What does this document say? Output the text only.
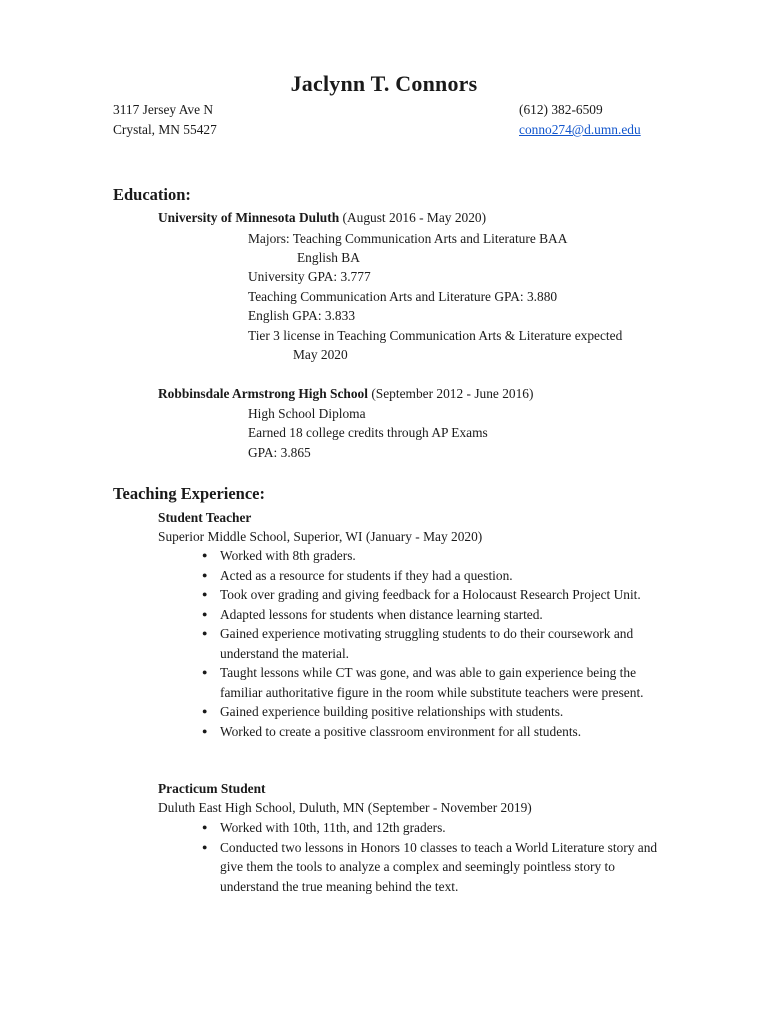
Jaclynn T. Connors
3117 Jersey Ave N
Crystal, MN 55427
(612) 382-6509
conno274@d.umn.edu
Education:
University of Minnesota Duluth (August 2016 - May 2020)
Majors: Teaching Communication Arts and Literature BAA
English BA
University GPA: 3.777
Teaching Communication Arts and Literature GPA: 3.880
English GPA: 3.833
Tier 3 license in Teaching Communication Arts & Literature expected
May 2020
Robbinsdale Armstrong High School (September 2012 - June 2016)
High School Diploma
Earned 18 college credits through AP Exams
GPA: 3.865
Teaching Experience:
Student Teacher
Superior Middle School, Superior, WI (January - May 2020)
● Worked with 8th graders.
● Acted as a resource for students if they had a question.
● Took over grading and giving feedback for a Holocaust Research Project Unit.
● Adapted lessons for students when distance learning started.
● Gained experience motivating struggling students to do their coursework and understand the material.
● Taught lessons while CT was gone, and was able to gain experience being the familiar authoritative figure in the room while substitute teachers were present.
● Gained experience building positive relationships with students.
● Worked to create a positive classroom environment for all students.
Practicum Student
Duluth East High School, Duluth, MN (September - November 2019)
● Worked with 10th, 11th, and 12th graders.
● Conducted two lessons in Honors 10 classes to teach a World Literature story and give them the tools to analyze a complex and seemingly pointless story to understand the true meaning behind the text.
